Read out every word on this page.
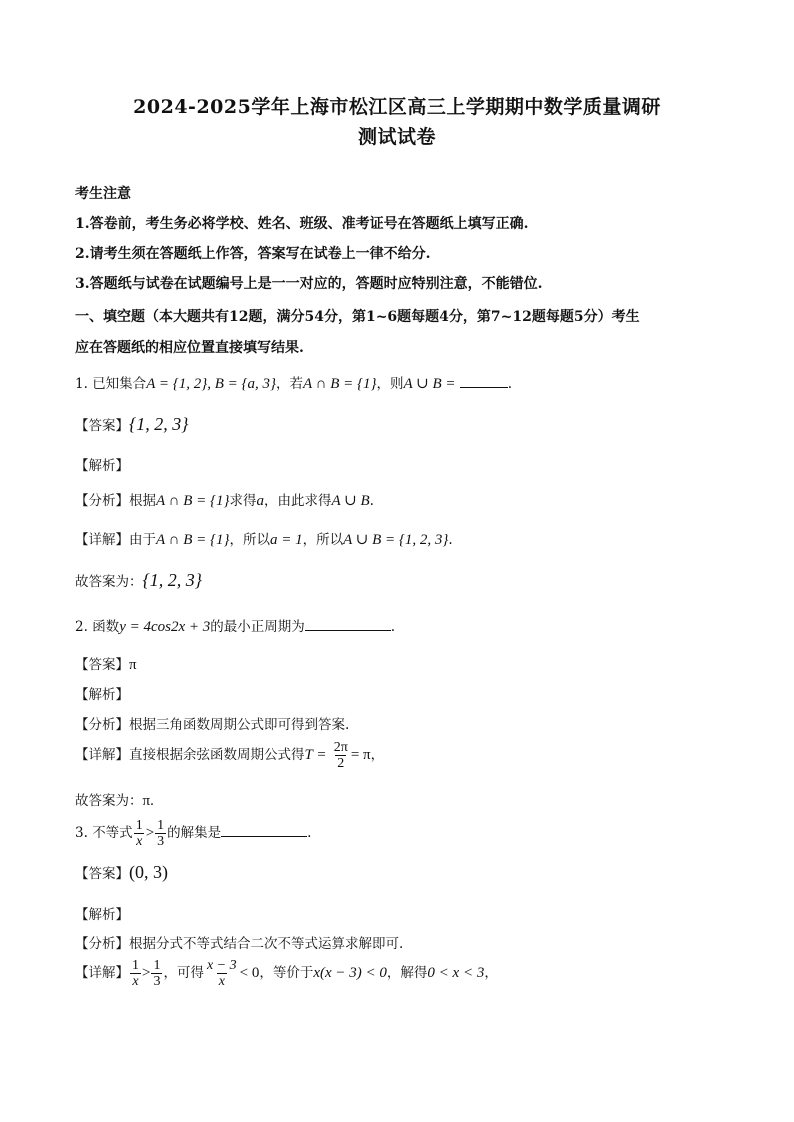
2024-2025学年上海市松江区高三上学期期中数学质量调研
测试试卷
考生注意
1.答卷前，考生务必将学校、姓名、班级、准考证号在答题纸上填写正确.
2.请考生须在答题纸上作答，答案写在试卷上一律不给分.
3.答题纸与试卷在试题编号上是一一对应的，答题时应特别注意，不能错位.
一、填空题（本大题共有12题，满分54分，第1~6题每题4分，第7~12题每题5分）考生
应在答题纸的相应位置直接填写结果.
1. 已知集合A = {1, 2}, B = {a, 3}，若A ∩ B = {1}，则A ∪ B =	.
【答案】{1, 2, 3}
【解析】
【分析】根据A ∩ B = {1}求得a，由此求得A ∪ B.
【详解】由于A ∩ B = {1}，所以a = 1，所以A ∪ B = {1, 2, 3}.
故答案为：{1, 2, 3}
2. 函数y = 4cos2x + 3的最小正周期为	.
【答案】π
【解析】
【分析】根据三角函数周期公式即可得到答案.
【详解】直接根据余弦函数周期公式得$T = \frac{2\pi}{2} = \pi$，
故答案为：π.
3. 不等式 $\frac{1}{x} > \frac{1}{3}$ 的解集是	.
【答案】(0, 3)
【解析】
【分析】根据分式不等式结合二次不等式运算求解即可.
【详解】 $\frac{1}{x} > \frac{1}{3}$ ，可得 $\frac{x - 3}{x} < 0$，等价于x(x − 3) < 0，解得0 < x < 3，
